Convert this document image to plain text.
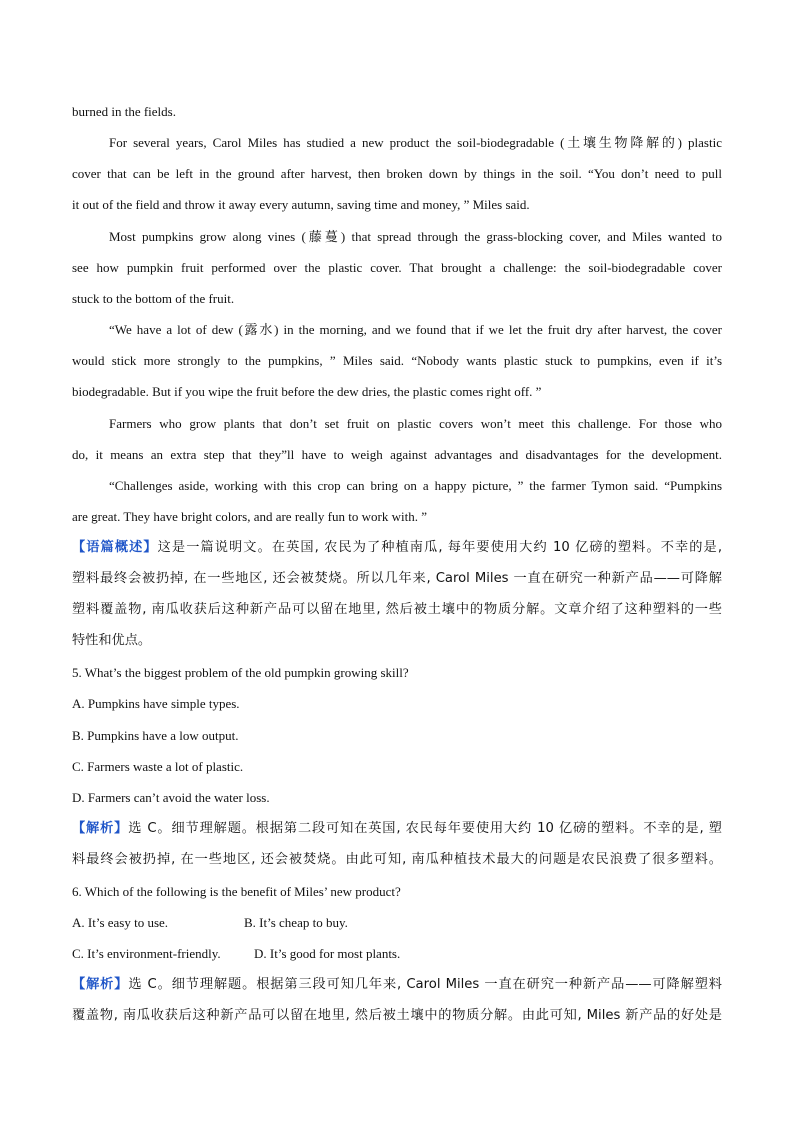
burned in the fields.
For several years, Carol Miles has studied a new product the soil-biodegradable (土壤生物降解的) plastic
cover that can be left in the ground after harvest, then broken down by things in the soil. “You don’t need to pull
it out of the field and throw it away every autumn, saving time and money, ” Miles said.
Most pumpkins grow along vines (藤蔓) that spread through the grass-blocking cover, and Miles wanted to
see how pumpkin fruit performed over the plastic cover. That brought a challenge: the soil-biodegradable cover
stuck to the bottom of the fruit.
“We have a lot of dew (露水) in the morning, and we found that if we let the fruit dry after harvest, the cover
would stick more strongly to the pumpkins, ” Miles said. “Nobody wants plastic stuck to pumpkins, even if it’s
biodegradable. But if you wipe the fruit before the dew dries, the plastic comes right off. ”
Farmers who grow plants that don’t set fruit on plastic covers won’t meet this challenge. For those who
do, it means an extra step that they”ll have to weigh against advantages and disadvantages for the development.
“Challenges aside, working with this crop can bring on a happy picture, ” the farmer Tymon said. “Pumpkins
are great. They have bright colors, and are really fun to work with. ”
【语篇概述】这是一篇说明文。在英国, 农民为了种植南瓜, 每年要使用大约 10 亿磅的塑料。不幸的是,
塑料最终会被扔掉, 在一些地区, 还会被焚烧。所以几年来, Carol Miles 一直在研究一种新产品——可降解
塑料覆盖物, 南瓜收获后这种新产品可以留在地里, 然后被土壤中的物质分解。文章介绍了这种塑料的一些
特性和优点。
5. What’s the biggest problem of the old pumpkin growing skill?
A. Pumpkins have simple types.
B. Pumpkins have a low output.
C. Farmers waste a lot of plastic.
D. Farmers can’t avoid the water loss.
【解析】选 C。细节理解题。根据第二段可知在英国, 农民每年要使用大约 10 亿磅的塑料。不幸的是, 塑
料最终会被扔掉, 在一些地区, 还会被焚烧。由此可知, 南瓜种植技术最大的问题是农民浪费了很多塑料。
6. Which of the following is the benefit of Miles’ new product?
A. It’s easy to use.	B. It’s cheap to buy.
C. It’s environment-friendly.	D. It’s good for most plants.
【解析】选 C。细节理解题。根据第三段可知几年来, Carol Miles 一直在研究一种新产品——可降解塑料
覆盖物, 南瓜收获后这种新产品可以留在地里, 然后被土壤中的物质分解。由此可知, Miles 新产品的好处是
